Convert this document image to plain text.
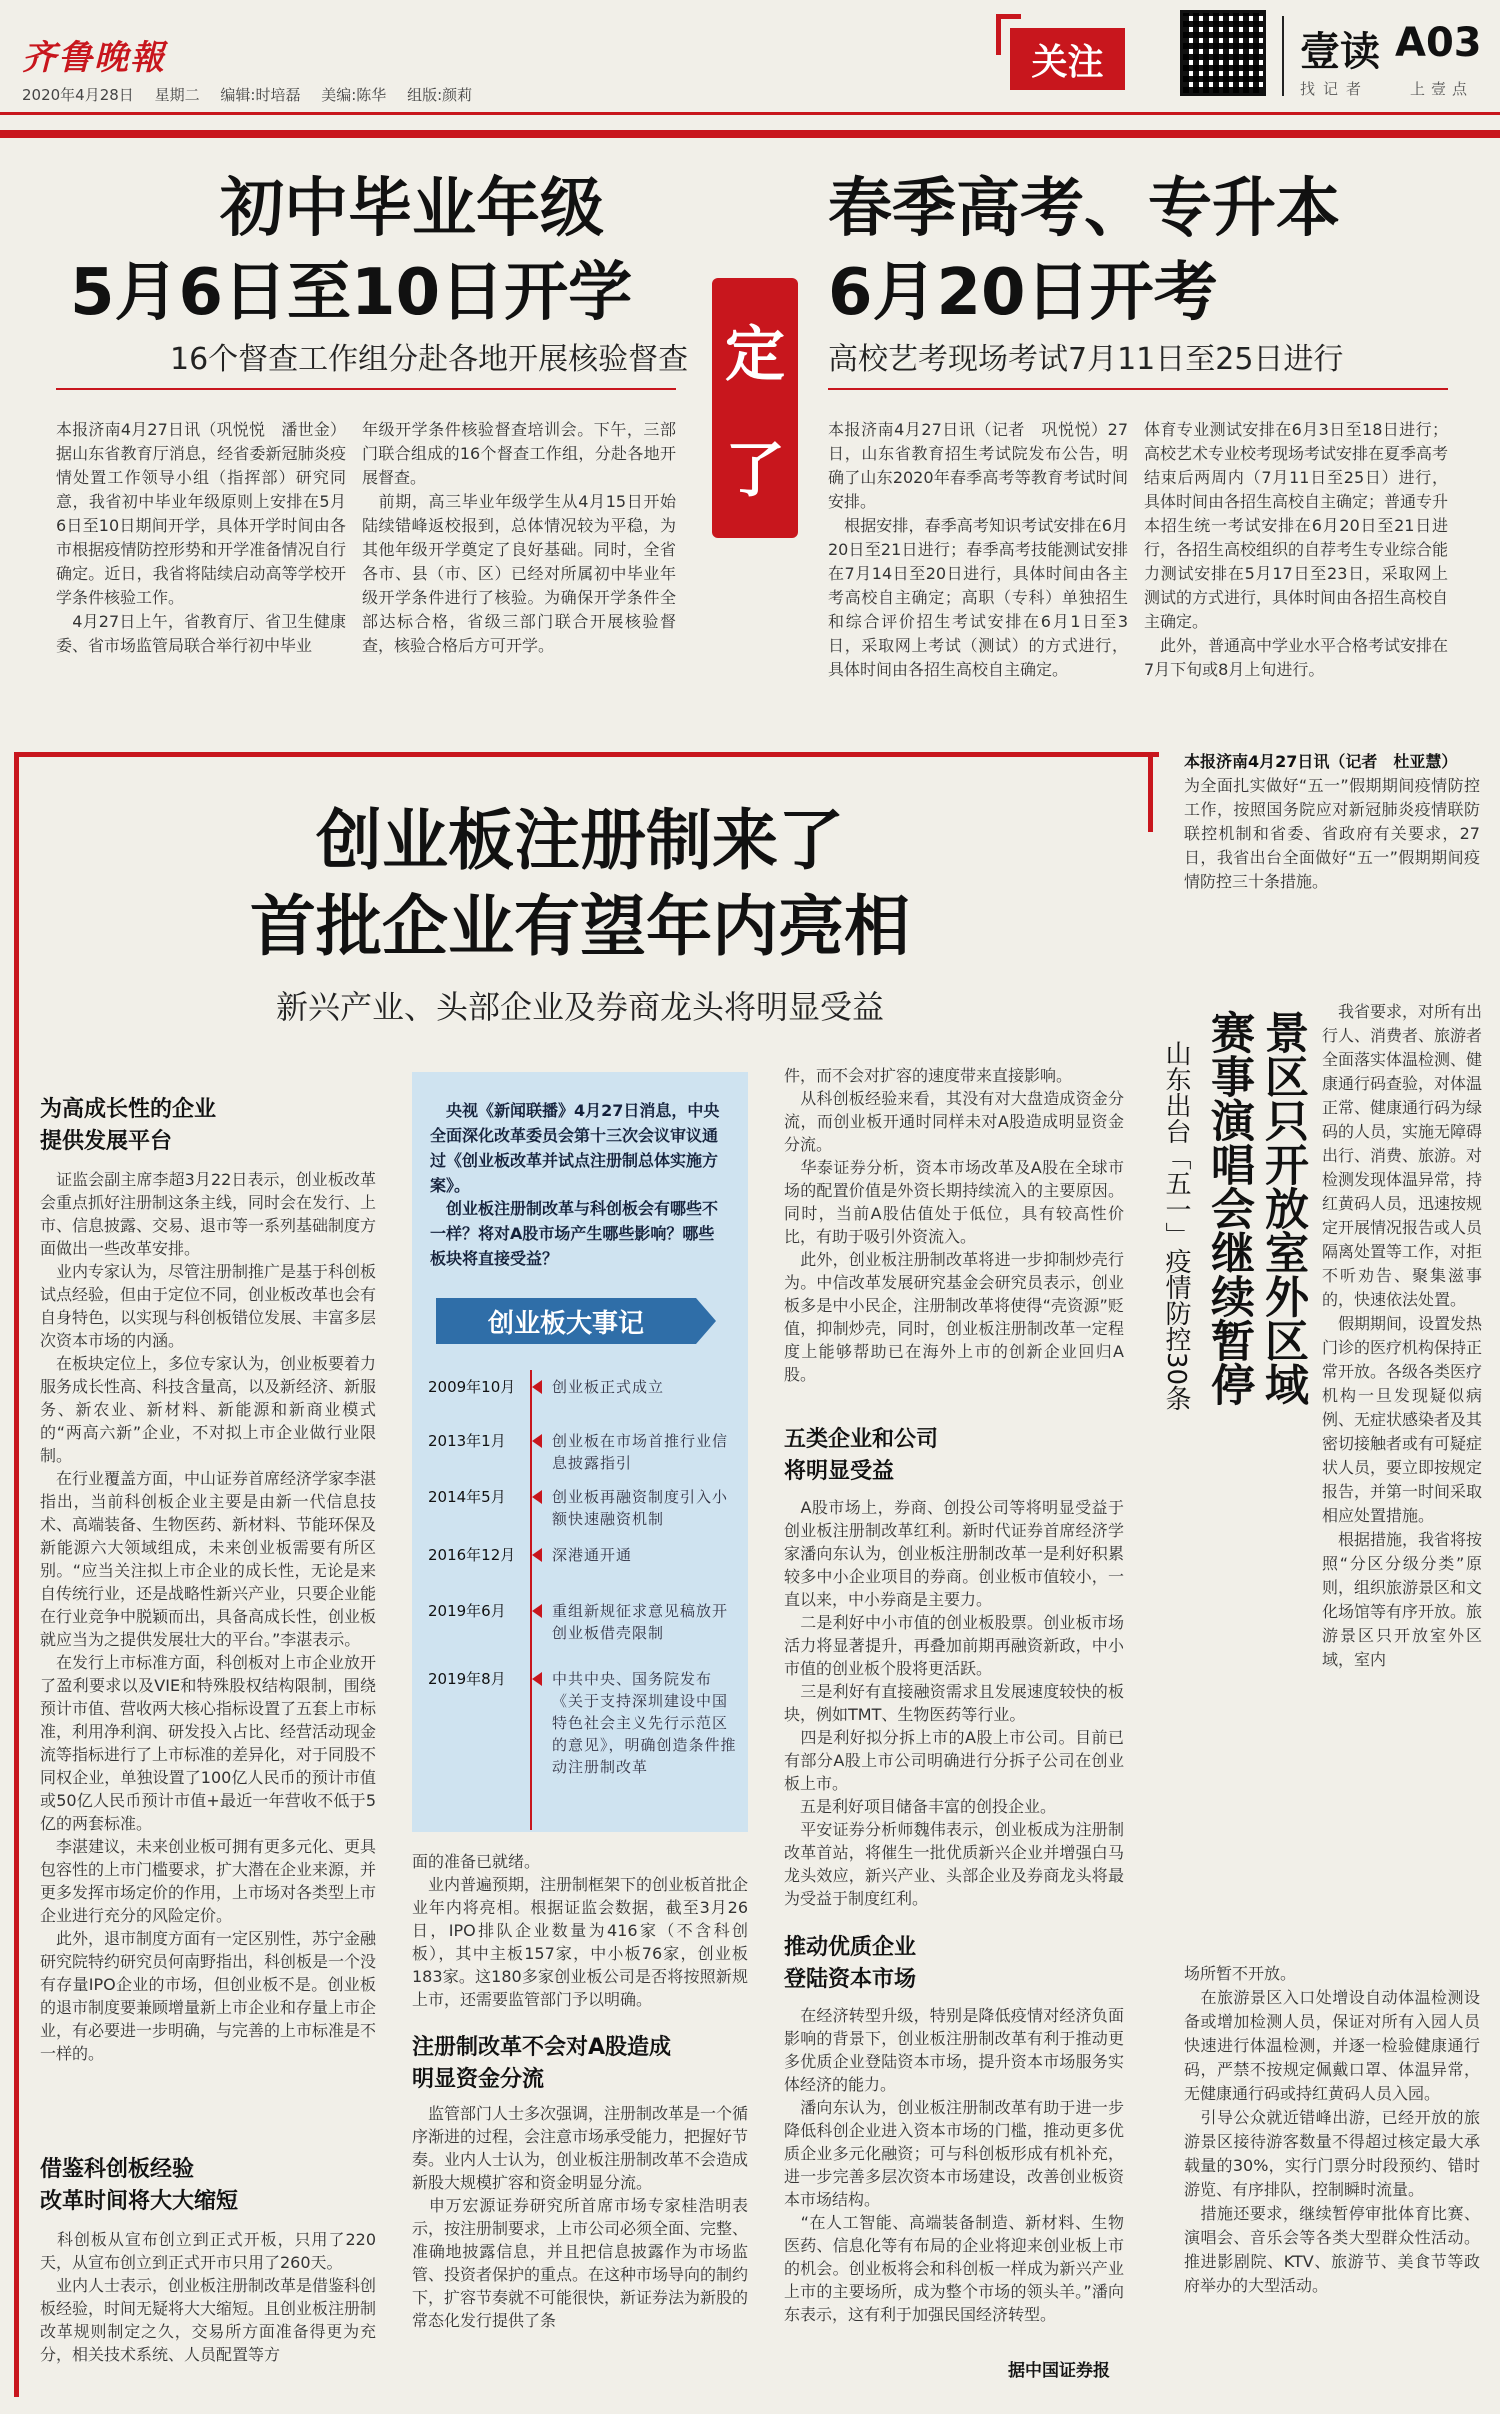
齐鲁晚報
2020年4月28日 星期二 编辑:时培磊 美编:陈华 组版:颜莉
关注	壹读 A03
找记者	上壹点
初中毕业年级
5月6日至10日开学
16个督查工作组分赴各地开展核验督查
本报济南4月27日讯（巩悦悦　潘世金）据山东省教育厅消息，经省委新冠肺炎疫情处置工作领导小组（指挥部）研究同意，我省初中毕业年级原则上安排在5月6日至10日期间开学，具体开学时间由各市根据疫情防控形势和开学准备情况自行确定。近日，我省将陆续启动高等学校开学条件核验工作。
　4月27日上午，省教育厅、省卫生健康委、省市场监管局联合举行初中毕业
年级开学条件核验督查培训会。下午，三部门联合组成的16个督查工作组，分赴各地开展督查。
　前期，高三毕业年级学生从4月15日开始陆续错峰返校报到，总体情况较为平稳，为其他年级开学奠定了良好基础。同时，全省各市、县（市、区）已经对所属初中毕业年级开学条件进行了核验。为确保开学条件全部达标合格，省级三部门联合开展核验督查，核验合格后方可开学。
定
了
春季高考、专升本
6月20日开考
高校艺考现场考试7月11日至25日进行
本报济南4月27日讯（记者　巩悦悦）27日，山东省教育招生考试院发布公告，明确了山东2020年春季高考等教育考试时间安排。
　根据安排，春季高考知识考试安排在6月20日至21日进行；春季高考技能测试安排在7月14日至20日进行，具体时间由各主考高校自主确定；高职（专科）单独招生和综合评价招生考试安排在6月1日至3日，采取网上考试（测试）的方式进行，具体时间由各招生高校自主确定。
体育专业测试安排在6月3日至18日进行；高校艺术专业校考现场考试安排在夏季高考结束后两周内（7月11日至25日）进行，具体时间由各招生高校自主确定；普通专升本招生统一考试安排在6月20日至21日进行，各招生高校组织的自荐考生专业综合能力测试安排在5月17日至23日，采取网上测试的方式进行，具体时间由各招生高校自主确定。
　此外，普通高中学业水平合格考试安排在7月下旬或8月上旬进行。
创业板注册制来了
首批企业有望年内亮相
新兴产业、头部企业及券商龙头将明显受益
为高成长性的企业
提供发展平台
　证监会副主席李超3月22日表示，创业板改革会重点抓好注册制这条主线，同时会在发行、上市、信息披露、交易、退市等一系列基础制度方面做出一些改革安排。
　业内专家认为，尽管注册制推广是基于科创板试点经验，但由于定位不同，创业板改革也会有自身特色，以实现与科创板错位发展、丰富多层次资本市场的内涵。
　在板块定位上，多位专家认为，创业板要着力服务成长性高、科技含量高，以及新经济、新服务、新农业、新材料、新能源和新商业模式的“两高六新”企业，不对拟上市企业做行业限制。
　在行业覆盖方面，中山证券首席经济学家李湛指出，当前科创板企业主要是由新一代信息技术、高端装备、生物医药、新材料、节能环保及新能源六大领域组成，未来创业板需要有所区别。“应当关注拟上市企业的成长性，无论是来自传统行业，还是战略性新兴产业，只要企业能在行业竞争中脱颖而出，具备高成长性，创业板就应当为之提供发展壮大的平台。”李湛表示。
　在发行上市标准方面，科创板对上市企业放开了盈利要求以及VIE和特殊股权结构限制，围绕预计市值、营收两大核心指标设置了五套上市标准，利用净利润、研发投入占比、经营活动现金流等指标进行了上市标准的差异化，对于同股不同权企业，单独设置了100亿人民币的预计市值或50亿人民币预计市值+最近一年营收不低于5亿的两套标准。
　李湛建议，未来创业板可拥有更多元化、更具包容性的上市门槛要求，扩大潜在企业来源，并更多发挥市场定价的作用，上市场对各类型上市企业进行充分的风险定价。
　此外，退市制度方面有一定区别性，苏宁金融研究院特约研究员何南野指出，科创板是一个没有存量IPO企业的市场，但创业板不是。创业板的退市制度要兼顾增量新上市企业和存量上市企业，有必要进一步明确，与完善的上市标准是不一样的。
借鉴科创板经验
改革时间将大大缩短
　科创板从宣布创立到正式开板，只用了220天，从宣布创立到正式开市只用了260天。
　业内人士表示，创业板注册制改革是借鉴科创板经验，时间无疑将大大缩短。且创业板注册制改革规则制定之久，交易所方面准备得更为充分，相关技术系统、人员配置等方
　央视《新闻联播》4月27日消息，中央全面深化改革委员会第十三次会议审议通过《创业板改革并试点注册制总体实施方案》。
　创业板注册制改革与科创板会有哪些不一样？将对A股市场产生哪些影响？哪些板块将直接受益？
创业板大事记
2009年10月	创业板正式成立
2013年1月	创业板在市场首推行业信息披露指引
2014年5月	创业板再融资制度引入小额快速融资机制
2016年12月	深港通开通
2019年6月	重组新规征求意见稿放开创业板借壳限制
2019年8月	中共中央、国务院发布《关于支持深圳建设中国特色社会主义先行示范区的意见》，明确创造条件推动注册制改革
面的准备已就绪。
　业内普遍预期，注册制框架下的创业板首批企业年内将亮相。根据证监会数据，截至3月26日，IPO排队企业数量为416家（不含科创板），其中主板157家，中小板76家，创业板183家。这180多家创业板公司是否将按照新规上市，还需要监管部门予以明确。
注册制改革不会对A股造成
明显资金分流
　监管部门人士多次强调，注册制改革是一个循序渐进的过程，会注意市场承受能力，把握好节奏。业内人士认为，创业板注册制改革不会造成新股大规模扩容和资金明显分流。
　申万宏源证券研究所首席市场专家桂浩明表示，按注册制要求，上市公司必须全面、完整、准确地披露信息，并且把信息披露作为市场监管、投资者保护的重点。在这种市场导向的制约下，扩容节奏就不可能很快，新证券法为新股的常态化发行提供了条
件，而不会对扩容的速度带来直接影响。
　从科创板经验来看，其没有对大盘造成资金分流，而创业板开通时同样未对A股造成明显资金分流。
　华泰证券分析，资本市场改革及A股在全球市场的配置价值是外资长期持续流入的主要原因。同时，当前A股估值处于低位，具有较高性价比，有助于吸引外资流入。
　此外，创业板注册制改革将进一步抑制炒壳行为。中信改革发展研究基金会研究员表示，创业板多是中小民企，注册制改革将使得“壳资源”贬值，抑制炒壳，同时，创业板注册制改革一定程度上能够帮助已在海外上市的创新企业回归A股。
五类企业和公司
将明显受益
　A股市场上，券商、创投公司等将明显受益于创业板注册制改革红利。新时代证券首席经济学家潘向东认为，创业板注册制改革一是利好积累较多中小企业项目的券商。创业板市值较小，一直以来，中小券商是主要力。
　二是利好中小市值的创业板股票。创业板市场活力将显著提升，再叠加前期再融资新政，中小市值的创业板个股将更活跃。
　三是利好有直接融资需求且发展速度较快的板块，例如TMT、生物医药等行业。
　四是利好拟分拆上市的A股上市公司。目前已有部分A股上市公司明确进行分拆子公司在创业板上市。
　五是利好项目储备丰富的创投企业。
　平安证券分析师魏伟表示，创业板成为注册制改革首站，将催生一批优质新兴企业并增强白马龙头效应，新兴产业、头部企业及券商龙头将最为受益于制度红利。
推动优质企业
登陆资本市场
　在经济转型升级，特别是降低疫情对经济负面影响的背景下，创业板注册制改革有利于推动更多优质企业登陆资本市场，提升资本市场服务实体经济的能力。
　潘向东认为，创业板注册制改革有助于进一步降低科创企业进入资本市场的门槛，推动更多优质企业多元化融资；可与科创板形成有机补充，进一步完善多层次资本市场建设，改善创业板资本市场结构。
　“在人工智能、高端装备制造、新材料、生物医药、信息化等有布局的企业将迎来创业板上市的机会。创业板将会和科创板一样成为新兴产业上市的主要场所，成为整个市场的领头羊。”潘向东表示，这有利于加强民国经济转型。
据中国证券报
本报济南4月27日讯（记者　杜亚慧）
为全面扎实做好“五一”假期期间疫情防控工作，按照国务院应对新冠肺炎疫情联防联控机制和省委、省政府有关要求，27日，我省出台全面做好“五一”假期期间疫情防控三十条措施。
景区只开放室外区域
赛事演唱会继续暂停
山东出台「五一」疫情防控30条
　我省要求，对所有出行人、消费者、旅游者全面落实体温检测、健康通行码查验，对体温正常、健康通行码为绿码的人员，实施无障碍出行、消费、旅游。对检测发现体温异常，持红黄码人员，迅速按规定开展情况报告或人员隔离处置等工作，对拒不听劝告、聚集滋事的，快速依法处置。
　假期期间，设置发热门诊的医疗机构保持正常开放。各级各类医疗机构一旦发现疑似病例、无症状感染者及其密切接触者或有可疑症状人员，要立即按规定报告，并第一时间采取相应处置措施。
　根据措施，我省将按照“分区分级分类”原则，组织旅游景区和文化场馆等有序开放。旅游景区只开放室外区域，室内
场所暂不开放。
　在旅游景区入口处增设自动体温检测设备或增加检测人员，保证对所有入园人员快速进行体温检测，并逐一检验健康通行码，严禁不按规定佩戴口罩、体温异常，无健康通行码或持红黄码人员入园。
　引导公众就近错峰出游，已经开放的旅游景区接待游客数量不得超过核定最大承载量的30%，实行门票分时段预约、错时游览、有序排队，控制瞬时流量。
　措施还要求，继续暂停审批体育比赛、演唱会、音乐会等各类大型群众性活动。推进影剧院、KTV、旅游节、美食节等政府举办的大型活动。
